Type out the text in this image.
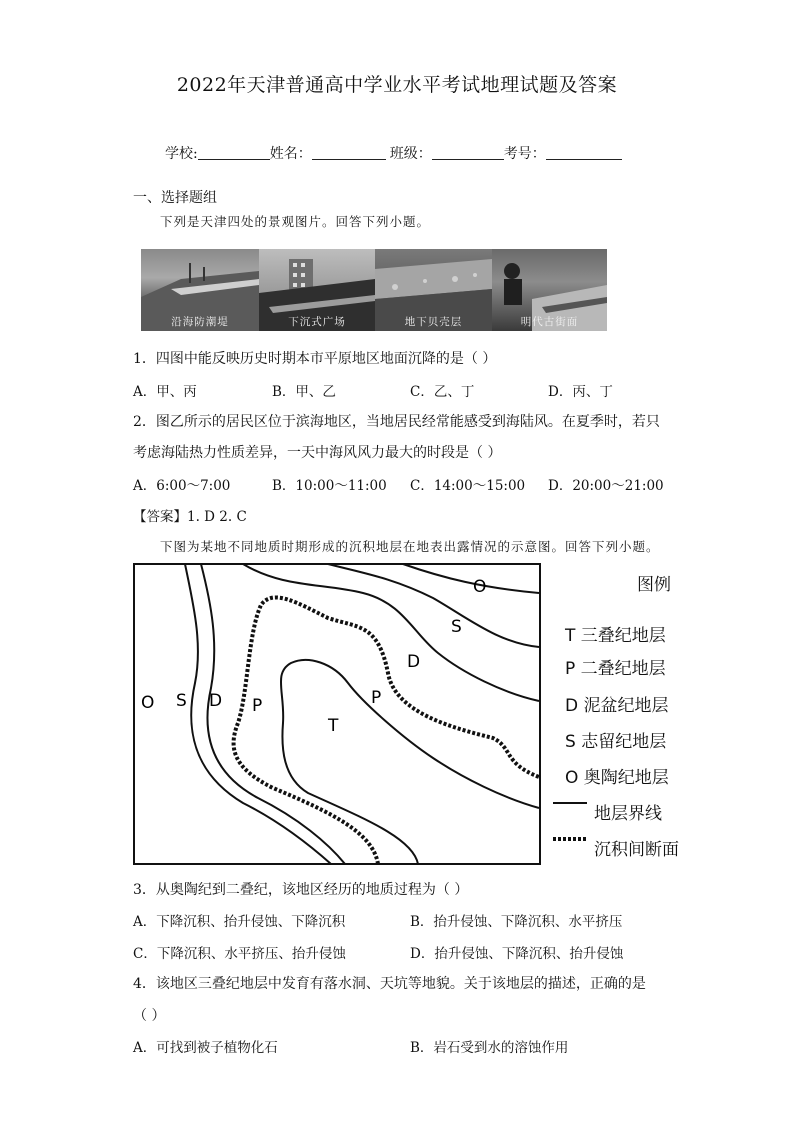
2022年天津普通高中学业水平考试地理试题及答案
学校:	姓名：	班级：	考号：
一、选择题组
下列是天津四处的景观图片。回答下列小题。
沿海防潮堤	下沉式广场	地下贝壳层	明代古街面
1．四图中能反映历史时期本市平原地区地面沉降的是（ ）
A．甲、丙	B．甲、乙	C．乙、丁	D．丙、丁
2．图乙所示的居民区位于滨海地区，当地居民经常能感受到海陆风。在夏季时，若只
考虑海陆热力性质差异，一天中海风风力最大的时段是（ ）
A．6:00～7:00	B．10:00～11:00 C．14:00～15:00 D．20:00～21:00
【答案】1. D 2. C
下图为某地不同地质时期形成的沉积地层在地表出露情况的示意图。回答下列小题。
O S D P
T
P
D
S
O	图例
T 三叠纪地层
P 二叠纪地层
D 泥盆纪地层
S 志留纪地层
O 奥陶纪地层
地层界线
沉积间断面
3．从奥陶纪到二叠纪，该地区经历的地质过程为（ ）
A．下降沉积、抬升侵蚀、下降沉积	B．抬升侵蚀、下降沉积、水平挤压
C．下降沉积、水平挤压、抬升侵蚀	D．抬升侵蚀、下降沉积、抬升侵蚀
4．该地区三叠纪地层中发育有落水洞、天坑等地貌。关于该地层的描述，正确的是
（ ）
A．可找到被子植物化石	B．岩石受到水的溶蚀作用
